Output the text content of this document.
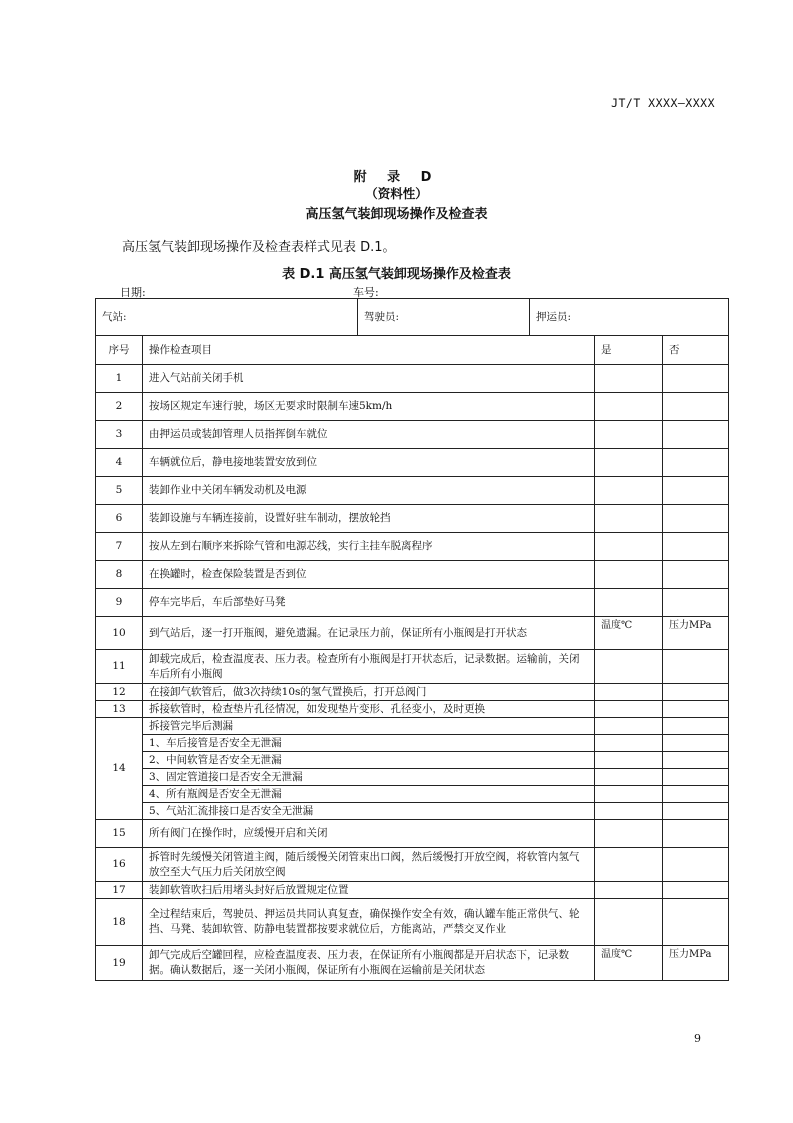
JT/T XXXX—XXXX
附 录 D
（资料性）
高压氢气装卸现场操作及检查表
高压氢气装卸现场操作及检查表样式见表 D.1。
表 D.1 高压氢气装卸现场操作及检查表
日期:	车号:
气站:		驾驶员:	押运员:		
序号	操作检查项目			是	否
1	进入气站前关闭手机				
2	按场区规定车速行驶，场区无要求时限制车速5km/h				
3	由押运员或装卸管理人员指挥倒车就位				
4	车辆就位后，静电接地装置安放到位				
5	装卸作业中关闭车辆发动机及电源				
6	装卸设施与车辆连接前，设置好驻车制动，摆放轮挡				
7	按从左到右顺序来拆除气管和电源芯线，实行主挂车脱离程序				
8	在换罐时，检查保险装置是否到位				
9	停车完毕后，车后部垫好马凳				
10	到气站后，逐一打开瓶阀，避免遗漏。在记录压力前，保证所有小瓶阀是打开状态			温度℃	压力MPa
11	卸载完成后，检查温度表、压力表。检查所有小瓶阀是打开状态后，记录数据。运输前，关闭车后所有小瓶阀				
12	在接卸气软管后，做3次持续10s的氢气置换后，打开总阀门				
13	拆接软管时，检查垫片孔径情况，如发现垫片变形、孔径变小，及时更换				
14	拆接管完毕后测漏				
	1、车后接管是否安全无泄漏				
	2、中间软管是否安全无泄漏				
	3、固定管道接口是否安全无泄漏				
	4、所有瓶阀是否安全无泄漏				
	5、气站汇流排接口是否安全无泄漏				
15	所有阀门在操作时，应缓慢开启和关闭				
16	拆管时先缓慢关闭管道主阀，随后缓慢关闭管束出口阀，然后缓慢打开放空阀，将软管内氢气放空至大气压力后关闭放空阀				
17	装卸软管吹扫后用堵头封好后放置规定位置				
18	全过程结束后，驾驶员、押运员共同认真复查，确保操作安全有效，确认罐车能正常供气、轮挡、马凳、装卸软管、防静电装置都按要求就位后，方能离站，严禁交叉作业				
19	卸气完成后空罐回程，应检查温度表、压力表，在保证所有小瓶阀都是开启状态下，记录数据。确认数据后，逐一关闭小瓶阀，保证所有小瓶阀在运输前是关闭状态			温度℃	压力MPa
9
